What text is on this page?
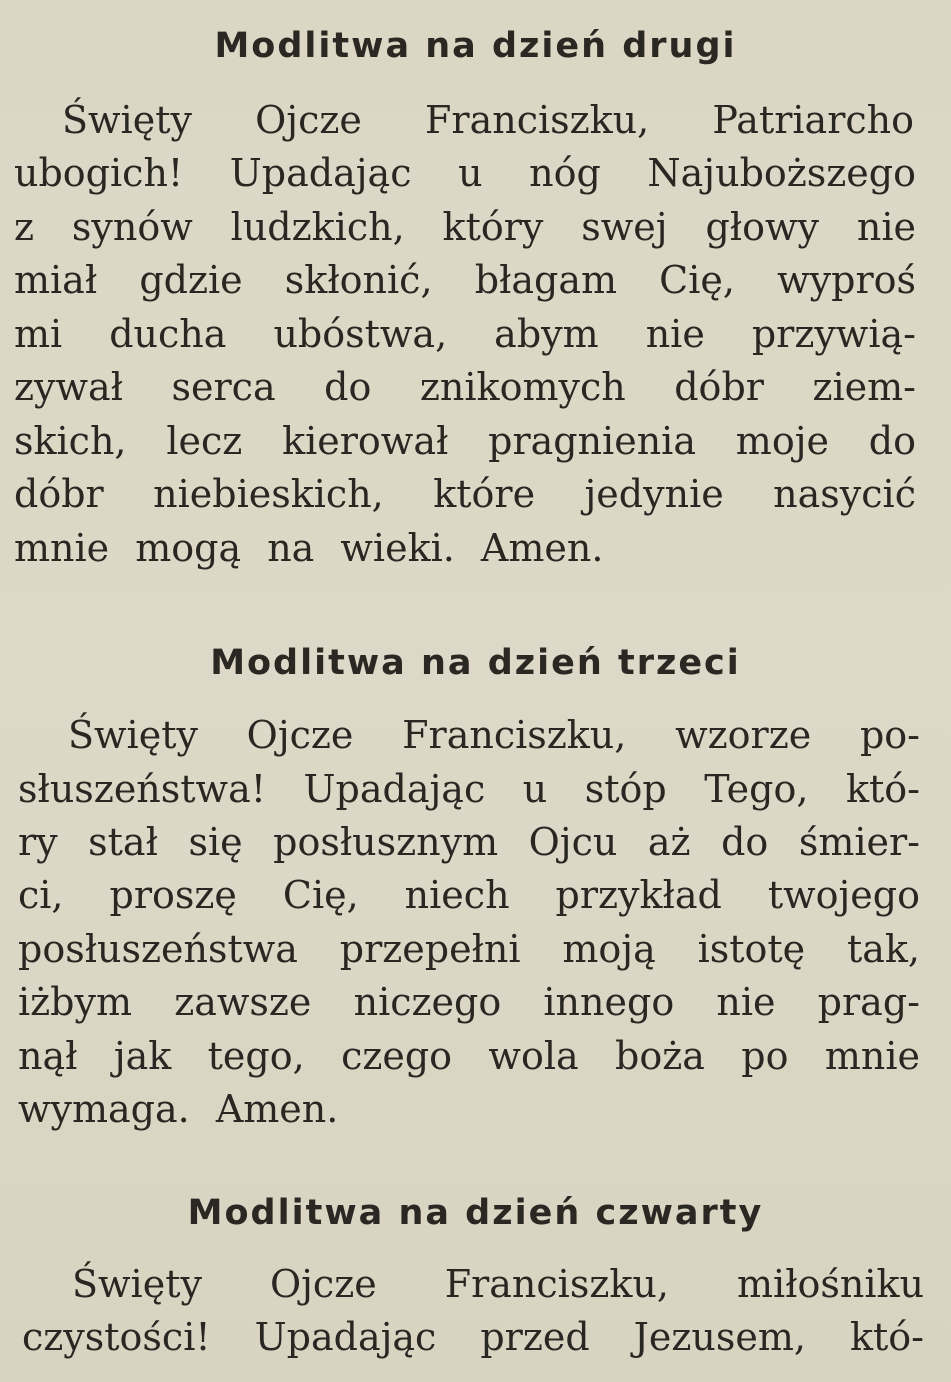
Modlitwa na dzień drugi
Święty Ojcze Franciszku, Patriarcho
ubogich! Upadając u nóg Najuboższego
z synów ludzkich, który swej głowy nie
miał gdzie skłonić, błagam Cię, wyproś
mi ducha ubóstwa, abym nie przywią-
zywał serca do znikomych dóbr ziem-
skich, lecz kierował pragnienia moje do
dóbr niebieskich, które jedynie nasycić
mnie mogą na wieki. Amen.
Modlitwa na dzień trzeci
Święty Ojcze Franciszku, wzorze po-
słuszeństwa! Upadając u stóp Tego, któ-
ry stał się posłusznym Ojcu aż do śmier-
ci, proszę Cię, niech przykład twojego
posłuszeństwa przepełni moją istotę tak,
iżbym zawsze niczego innego nie prag-
nął jak tego, czego wola boża po mnie
wymaga. Amen.
Modlitwa na dzień czwarty
Święty Ojcze Franciszku, miłośniku
czystości! Upadając przed Jezusem, któ-
